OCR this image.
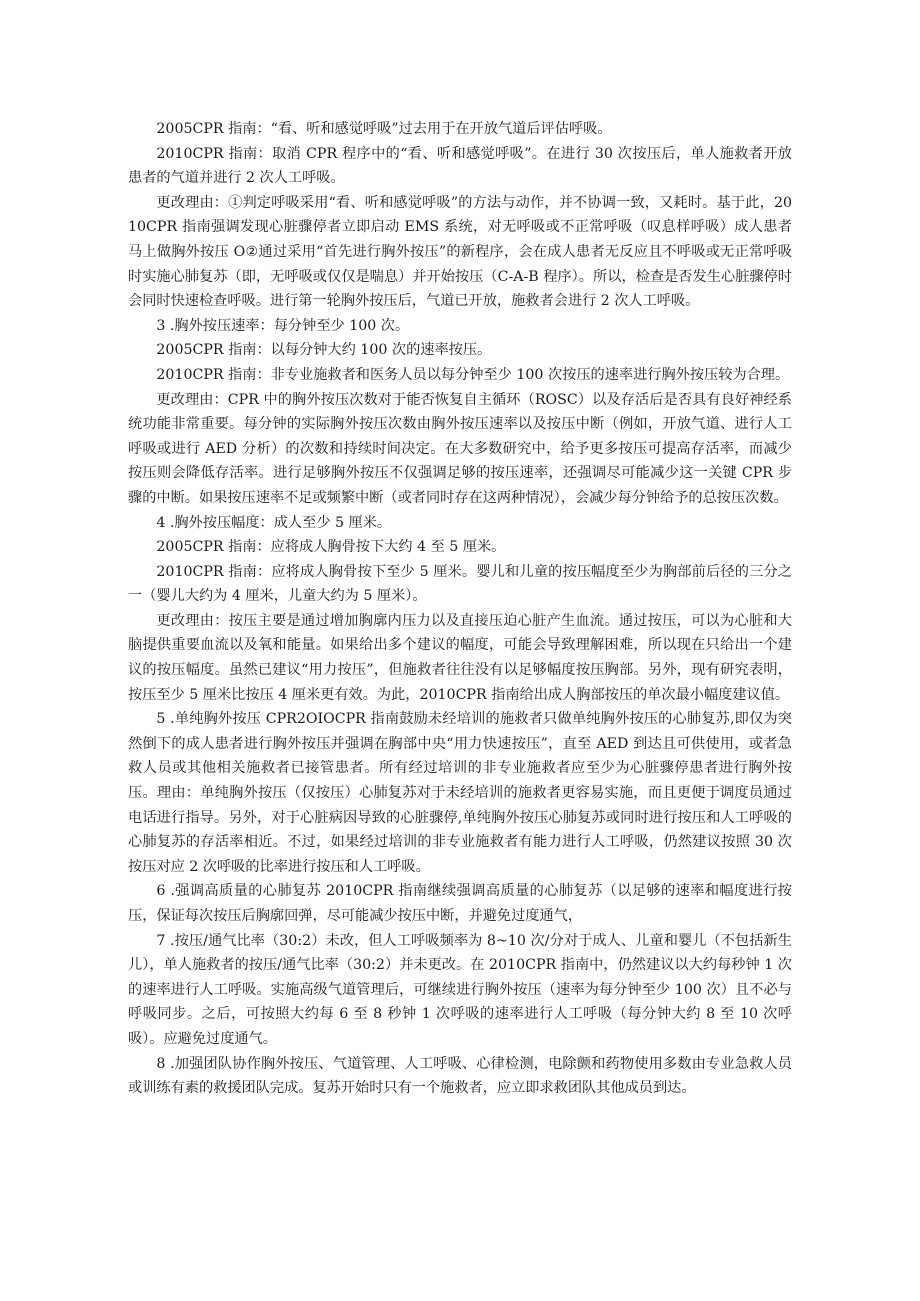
2005CPR 指南：“看、听和感觉呼吸”过去用于在开放气道后评估呼吸。

2010CPR 指南：取消 CPR 程序中的“看、听和感觉呼吸”。在进行 30 次按压后，单人施救者开放患者的气道并进行 2 次人工呼吸。

更改理由：①判定呼吸采用“看、听和感觉呼吸”的方法与动作，并不协调一致，又耗时。基于此，2010CPR 指南强调发现心脏骤停者立即启动 EMS 系统，对无呼吸或不正常呼吸（叹息样呼吸）成人患者马上做胸外按压 O②通过采用“首先进行胸外按压”的新程序，会在成人患者无反应且不呼吸或无正常呼吸时实施心肺复苏（即，无呼吸或仅仅是喘息）并开始按压（C-A-B 程序）。所以，检查是否发生心脏骤停时会同时快速检查呼吸。进行第一轮胸外按压后，气道已开放，施救者会进行 2 次人工呼吸。

3 .胸外按压速率：每分钟至少 100 次。

2005CPR 指南：以每分钟大约 100 次的速率按压。

2010CPR 指南：非专业施救者和医务人员以每分钟至少 100 次按压的速率进行胸外按压较为合理。

更改理由：CPR 中的胸外按压次数对于能否恢复自主循环（ROSC）以及存活后是否具有良好神经系统功能非常重要。每分钟的实际胸外按压次数由胸外按压速率以及按压中断（例如，开放气道、进行人工呼吸或进行 AED 分析）的次数和持续时间决定。在大多数研究中，给予更多按压可提高存活率，而减少按压则会降低存活率。进行足够胸外按压不仅强调足够的按压速率，还强调尽可能减少这一关键 CPR 步骤的中断。如果按压速率不足或频繁中断（或者同时存在这两种情况），会减少每分钟给予的总按压次数。

4 .胸外按压幅度：成人至少 5 厘米。

2005CPR 指南：应将成人胸骨按下大约 4 至 5 厘米。

2010CPR 指南：应将成人胸骨按下至少 5 厘米。婴儿和儿童的按压幅度至少为胸部前后径的三分之一（婴儿大约为 4 厘米，儿童大约为 5 厘米）。

更改理由：按压主要是通过增加胸廓内压力以及直接压迫心脏产生血流。通过按压，可以为心脏和大脑提供重要血流以及氧和能量。如果给出多个建议的幅度，可能会导致理解困难，所以现在只给出一个建议的按压幅度。虽然已建议“用力按压”，但施救者往往没有以足够幅度按压胸部。另外，现有研究表明，按压至少 5 厘米比按压 4 厘米更有效。为此，2010CPR 指南给出成人胸部按压的单次最小幅度建议值。

5 .单纯胸外按压 CPR2OIOCPR 指南鼓励未经培训的施救者只做单纯胸外按压的心肺复苏,即仅为突然倒下的成人患者进行胸外按压并强调在胸部中央“用力快速按压”，直至 AED 到达且可供使用，或者急救人员或其他相关施救者已接管患者。所有经过培训的非专业施救者应至少为心脏骤停患者进行胸外按压。理由：单纯胸外按压（仅按压）心肺复苏对于未经培训的施救者更容易实施，而且更便于调度员通过电话进行指导。另外，对于心脏病因导致的心脏骤停,单纯胸外按压心肺复苏或同时进行按压和人工呼吸的心肺复苏的存活率相近。不过，如果经过培训的非专业施救者有能力进行人工呼吸，仍然建议按照 30 次按压对应 2 次呼吸的比率进行按压和人工呼吸。

6 .强调高质量的心肺复苏 2010CPR 指南继续强调高质量的心肺复苏（以足够的速率和幅度进行按压，保证每次按压后胸廓回弹，尽可能减少按压中断，并避免过度通气，

7 .按压/通气比率（30:2）未改，但人工呼吸频率为 8~10 次/分对于成人、儿童和婴儿（不包括新生儿），单人施救者的按压/通气比率（30:2）并未更改。在 2010CPR 指南中，仍然建议以大约每秒钟 1 次的速率进行人工呼吸。实施高级气道管理后，可继续进行胸外按压（速率为每分钟至少 100 次）且不必与呼吸同步。之后，可按照大约每 6 至 8 秒钟 1 次呼吸的速率进行人工呼吸（每分钟大约 8 至 10 次呼吸）。应避免过度通气。

8 .加强团队协作胸外按压、气道管理、人工呼吸、心律检测，电除颤和药物使用多数由专业急救人员或训练有素的救援团队完成。复苏开始时只有一个施救者，应立即求救团队其他成员到达。
